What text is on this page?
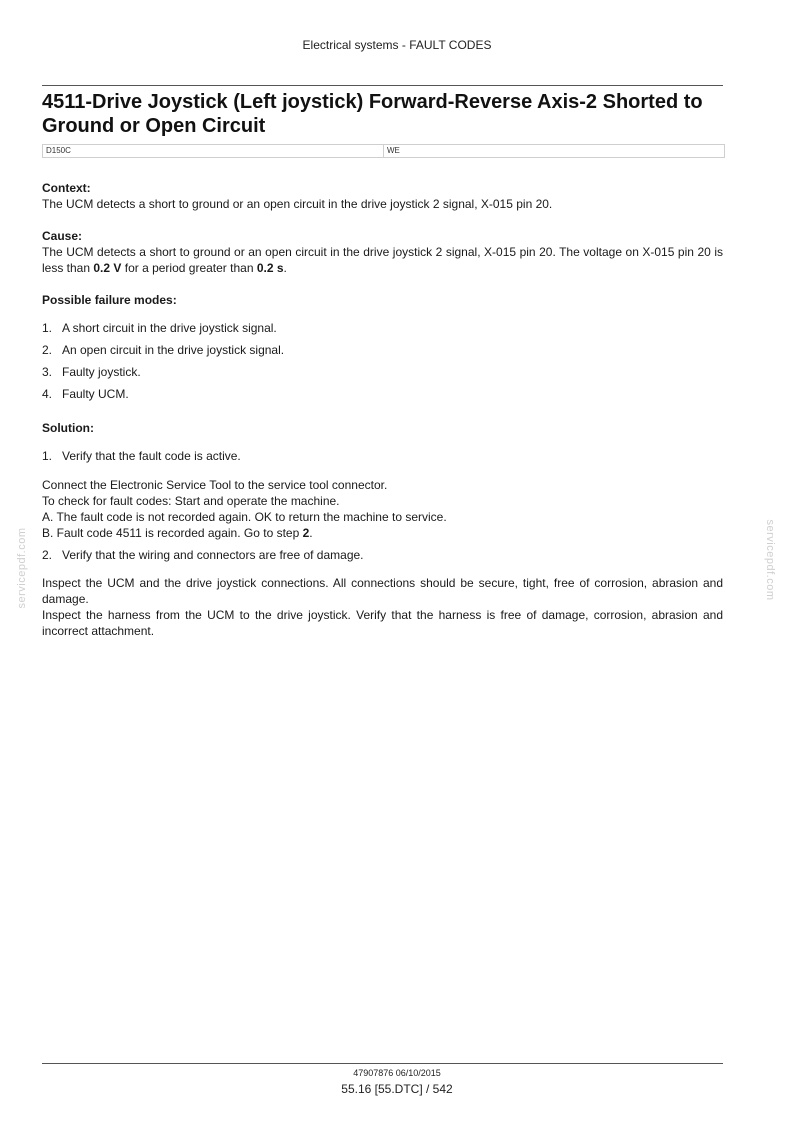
Electrical systems - FAULT CODES
4511-Drive Joystick (Left joystick) Forward-Reverse Axis-2 Shorted to Ground or Open Circuit
D150C	WE

Context:

The UCM detects a short to ground or an open circuit in the drive joystick 2 signal, X-015 pin 20.

Cause:

The UCM detects a short to ground or an open circuit in the drive joystick 2 signal, X-015 pin 20. The voltage on X-015 pin 20 is less than 0.2 V for a period greater than 0.2 s.

Possible failure modes:

1. A short circuit in the drive joystick signal.
2. An open circuit in the drive joystick signal.
3. Faulty joystick.
4. Faulty UCM.

Solution:

1. Verify that the fault code is active.

Connect the Electronic Service Tool to the service tool connector.

To check for fault codes: Start and operate the machine.

A. The fault code is not recorded again. OK to return the machine to service.

B. Fault code 4511 is recorded again. Go to step 2.

2. Verify that the wiring and connectors are free of damage.

Inspect the UCM and the drive joystick connections. All connections should be secure, tight, free of corrosion, abrasion and damage.

Inspect the harness from the UCM to the drive joystick. Verify that the harness is free of damage, corrosion, abrasion and incorrect attachment.

servicepdf.com	servicepdf.com
47907876 06/10/2015
55.16 [55.DTC] / 542
